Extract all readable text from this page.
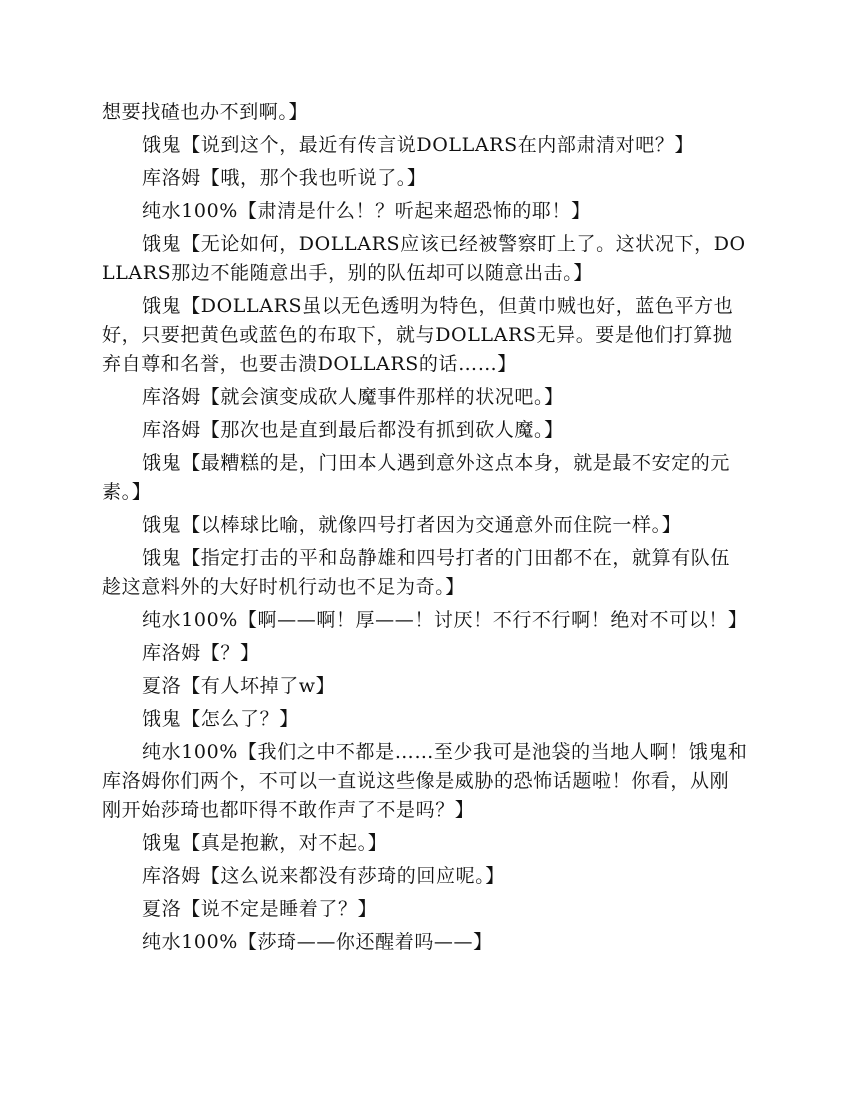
想要找碴也办不到啊。】

饿鬼【说到这个，最近有传言说DOLLARS在内部肃清对吧？】

库洛姆【哦，那个我也听说了。】

纯水100%【肃清是什么！？听起来超恐怖的耶！】

饿鬼【无论如何，DOLLARS应该已经被警察盯上了。这状况下，DOLLARS那边不能随意出手，别的队伍却可以随意出击。】

饿鬼【DOLLARS虽以无色透明为特色，但黄巾贼也好，蓝色平方也好，只要把黄色或蓝色的布取下，就与DOLLARS无异。要是他们打算抛弃自尊和名誉，也要击溃DOLLARS的话……】

库洛姆【就会演变成砍人魔事件那样的状况吧。】

库洛姆【那次也是直到最后都没有抓到砍人魔。】

饿鬼【最糟糕的是，门田本人遇到意外这点本身，就是最不安定的元素。】

饿鬼【以棒球比喻，就像四号打者因为交通意外而住院一样。】

饿鬼【指定打击的平和岛静雄和四号打者的门田都不在，就算有队伍趁这意料外的大好时机行动也不足为奇。】

纯水100%【啊——啊！厚——！讨厌！不行不行啊！绝对不可以！】

库洛姆【？】

夏洛【有人坏掉了w】

饿鬼【怎么了？】

纯水100%【我们之中不都是……至少我可是池袋的当地人啊！饿鬼和库洛姆你们两个，不可以一直说这些像是威胁的恐怖话题啦！你看，从刚刚开始莎琦也都吓得不敢作声了不是吗？】

饿鬼【真是抱歉，对不起。】

库洛姆【这么说来都没有莎琦的回应呢。】

夏洛【说不定是睡着了？】

纯水100%【莎琦——你还醒着吗——】
